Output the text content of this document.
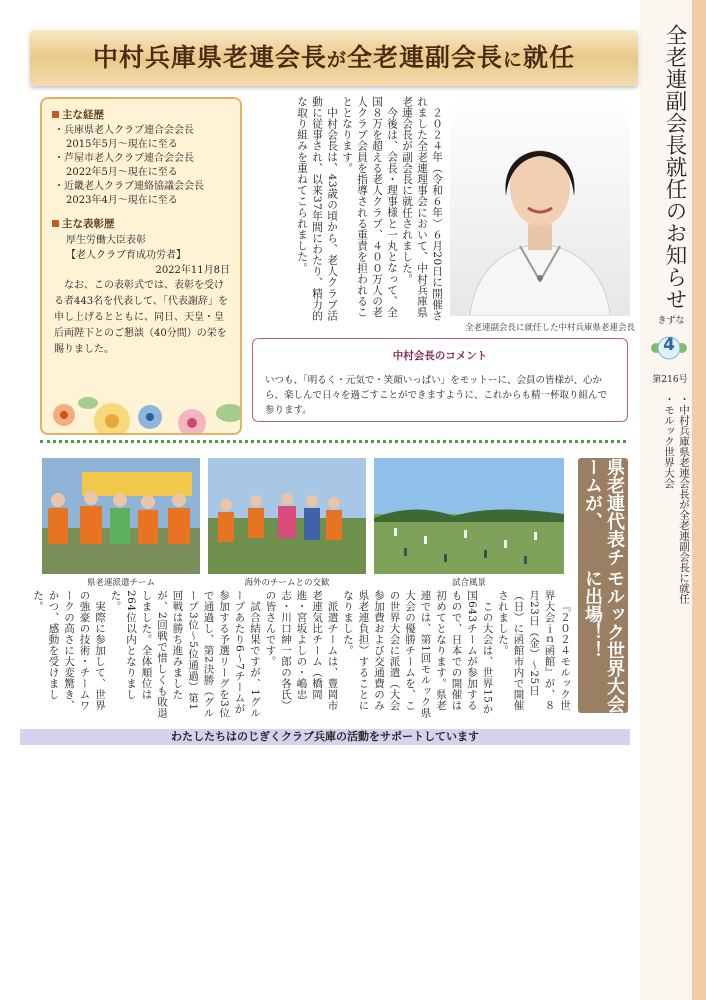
中村兵庫県老連会長が全老連副会長に就任
主な経歴
・兵庫県老人クラブ連合会会長
2015年5月～現在に至る
・芦屋市老人クラブ連合会会長
2022年5月～現在に至る
・近畿老人クラブ連絡協議会会長
2023年4月～現在に至る
主な表彰歴
厚生労働大臣表彰
【老人クラブ育成功労者】
2022年11月8日
なお、この表彰式では、表彰を受ける者443名を代表して、「代表謝辞」を申し上げるとともに、同日、天皇・皇后両陛下とのご懇談（40分間）の栄を賜りました。

２０２４年（令和６年）６月20日に開催されました全老連理事会において、中村兵庫県老連会長が副会長に就任されました。

今後は、会長・理事様と一丸となって、全国８万を超える老人クラブ、４００万人の老人クラブ会員を指導される重責を担われることとなります。

中村会長は、43歳の頃から、老人クラブ活動に従事され、以来37年間にわたり、精力的な取り組みを重ねてこられました。

全老連副会長に就任した中村兵庫県老連会長
中村会長のコメント
いつも、「明るく・元気で・笑顔いっぱい」をモットーに、会員の皆様が、心から、楽しんで日々を過ごすことができますように、これからも精一杯取り組んで参ります。
県老連派遣チーム	海外のチームとの交歓	試合風景
県老連代表チームが、
モルック世界大会に出場！！

『２０２４モルック世界大会ｉｎ函館』が、８月23日（金）～25日（日）に函館市内で開催されました。

この大会は、世界15か国643チームが参加するもので、日本での開催は初めてとなります。県老連では、第1回モルック県大会の優勝チームを、この世界大会に派遣（大会参加費および交通費のみ県老連負担）することになりました。

派遣チームは、豊岡市老連気比チーム（橋岡進・宮坂よしの・嶋忠志・川口紳一郎の各氏）の皆さんです。

試合結果ですが、1グループあたり6～7チームが参加する予選リーグを3位で通過し、第2決勝（グループ3位～5位通過）第1回戦は勝ち進みましたが、2回戦で惜しくも敗退しました。全体順位は264位以内となりました。

実際に参加して、世界の強豪の技術・チームワークの高さに大変驚き、かつ、感動を受けました。

わたしたちはのじぎくクラブ兵庫の活動をサポートしています
全老連副会長就任のお知らせ
きずな
4
第216号
・中村兵庫県老連会長が全老連副会長に就任
・モルック世界大会
